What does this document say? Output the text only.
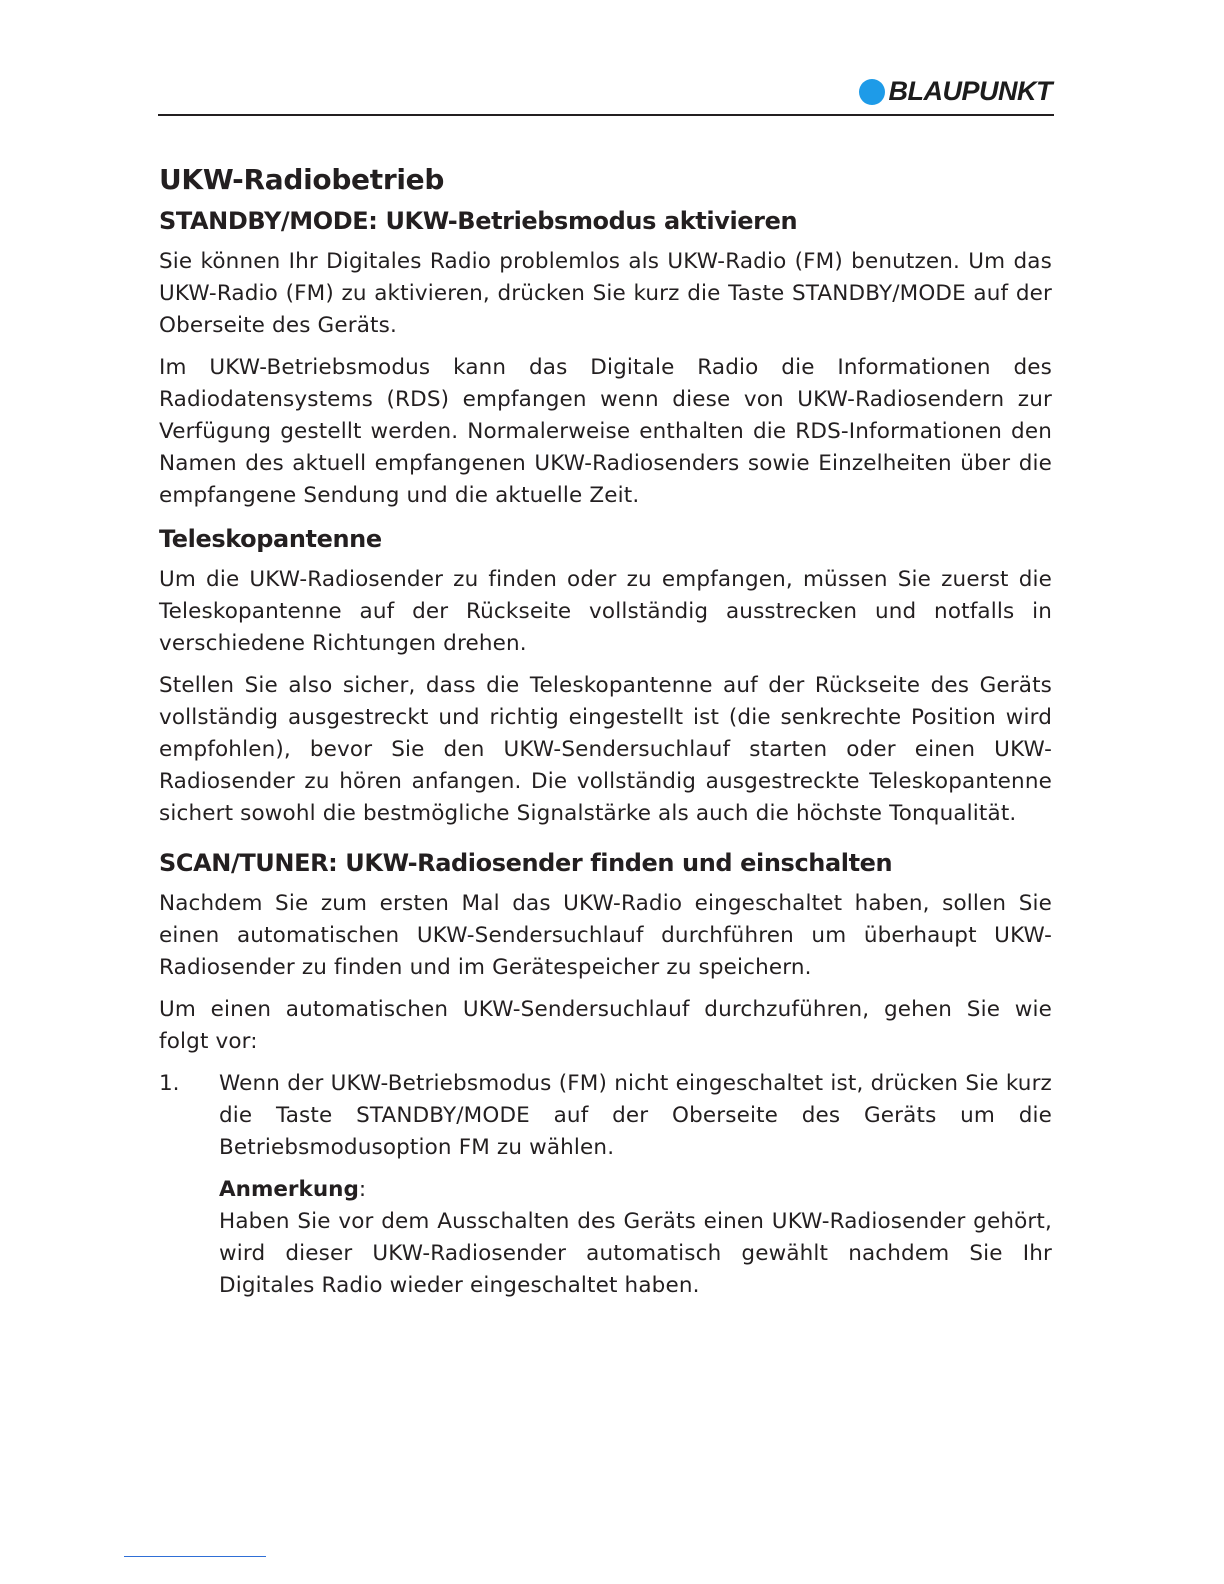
BLAUPUNKT
UKW-Radiobetrieb
STANDBY/MODE: UKW-Betriebsmodus aktivieren

Sie können Ihr Digitales Radio problemlos als UKW-Radio (FM) benutzen. Um das UKW-Radio (FM) zu aktivieren, drücken Sie kurz die Taste STANDBY/MODE auf der Oberseite des Geräts.

Im UKW-Betriebsmodus kann das Digitale Radio die Informationen des Radiodatensystems (RDS) empfangen wenn diese von UKW-Radiosendern zur Verfügung gestellt werden. Normalerweise enthalten die RDS-Informationen den Namen des aktuell empfangenen UKW-Radiosenders sowie Einzelheiten über die empfangene Sendung und die aktuelle Zeit.

Teleskopantenne

Um die UKW-Radiosender zu finden oder zu empfangen, müssen Sie zuerst die Teleskopantenne auf der Rückseite vollständig ausstrecken und notfalls in verschiedene Richtungen drehen.

Stellen Sie also sicher, dass die Teleskopantenne auf der Rückseite des Geräts vollständig ausgestreckt und richtig eingestellt ist (die senkrechte Position wird empfohlen), bevor Sie den UKW-Sendersuchlauf starten oder einen UKW-Radiosender zu hören anfangen. Die vollständig ausgestreckte Teleskopantenne sichert sowohl die bestmögliche Signalstärke als auch die höchste Tonqualität.

SCAN/TUNER: UKW-Radiosender finden und einschalten

Nachdem Sie zum ersten Mal das UKW-Radio eingeschaltet haben, sollen Sie einen automatischen UKW-Sendersuchlauf durchführen um überhaupt UKW-Radiosender zu finden und im Gerätespeicher zu speichern.

Um einen automatischen UKW-Sendersuchlauf durchzuführen, gehen Sie wie folgt vor:

1.	Wenn der UKW-Betriebsmodus (FM) nicht eingeschaltet ist, drücken Sie kurz die Taste STANDBY/MODE auf der Oberseite des Geräts um die Betriebsmodusoption FM zu wählen.

Anmerkung:

Haben Sie vor dem Ausschalten des Geräts einen UKW-Radiosender gehört, wird dieser UKW-Radiosender automatisch gewählt nachdem Sie Ihr Digitales Radio wieder eingeschaltet haben.
